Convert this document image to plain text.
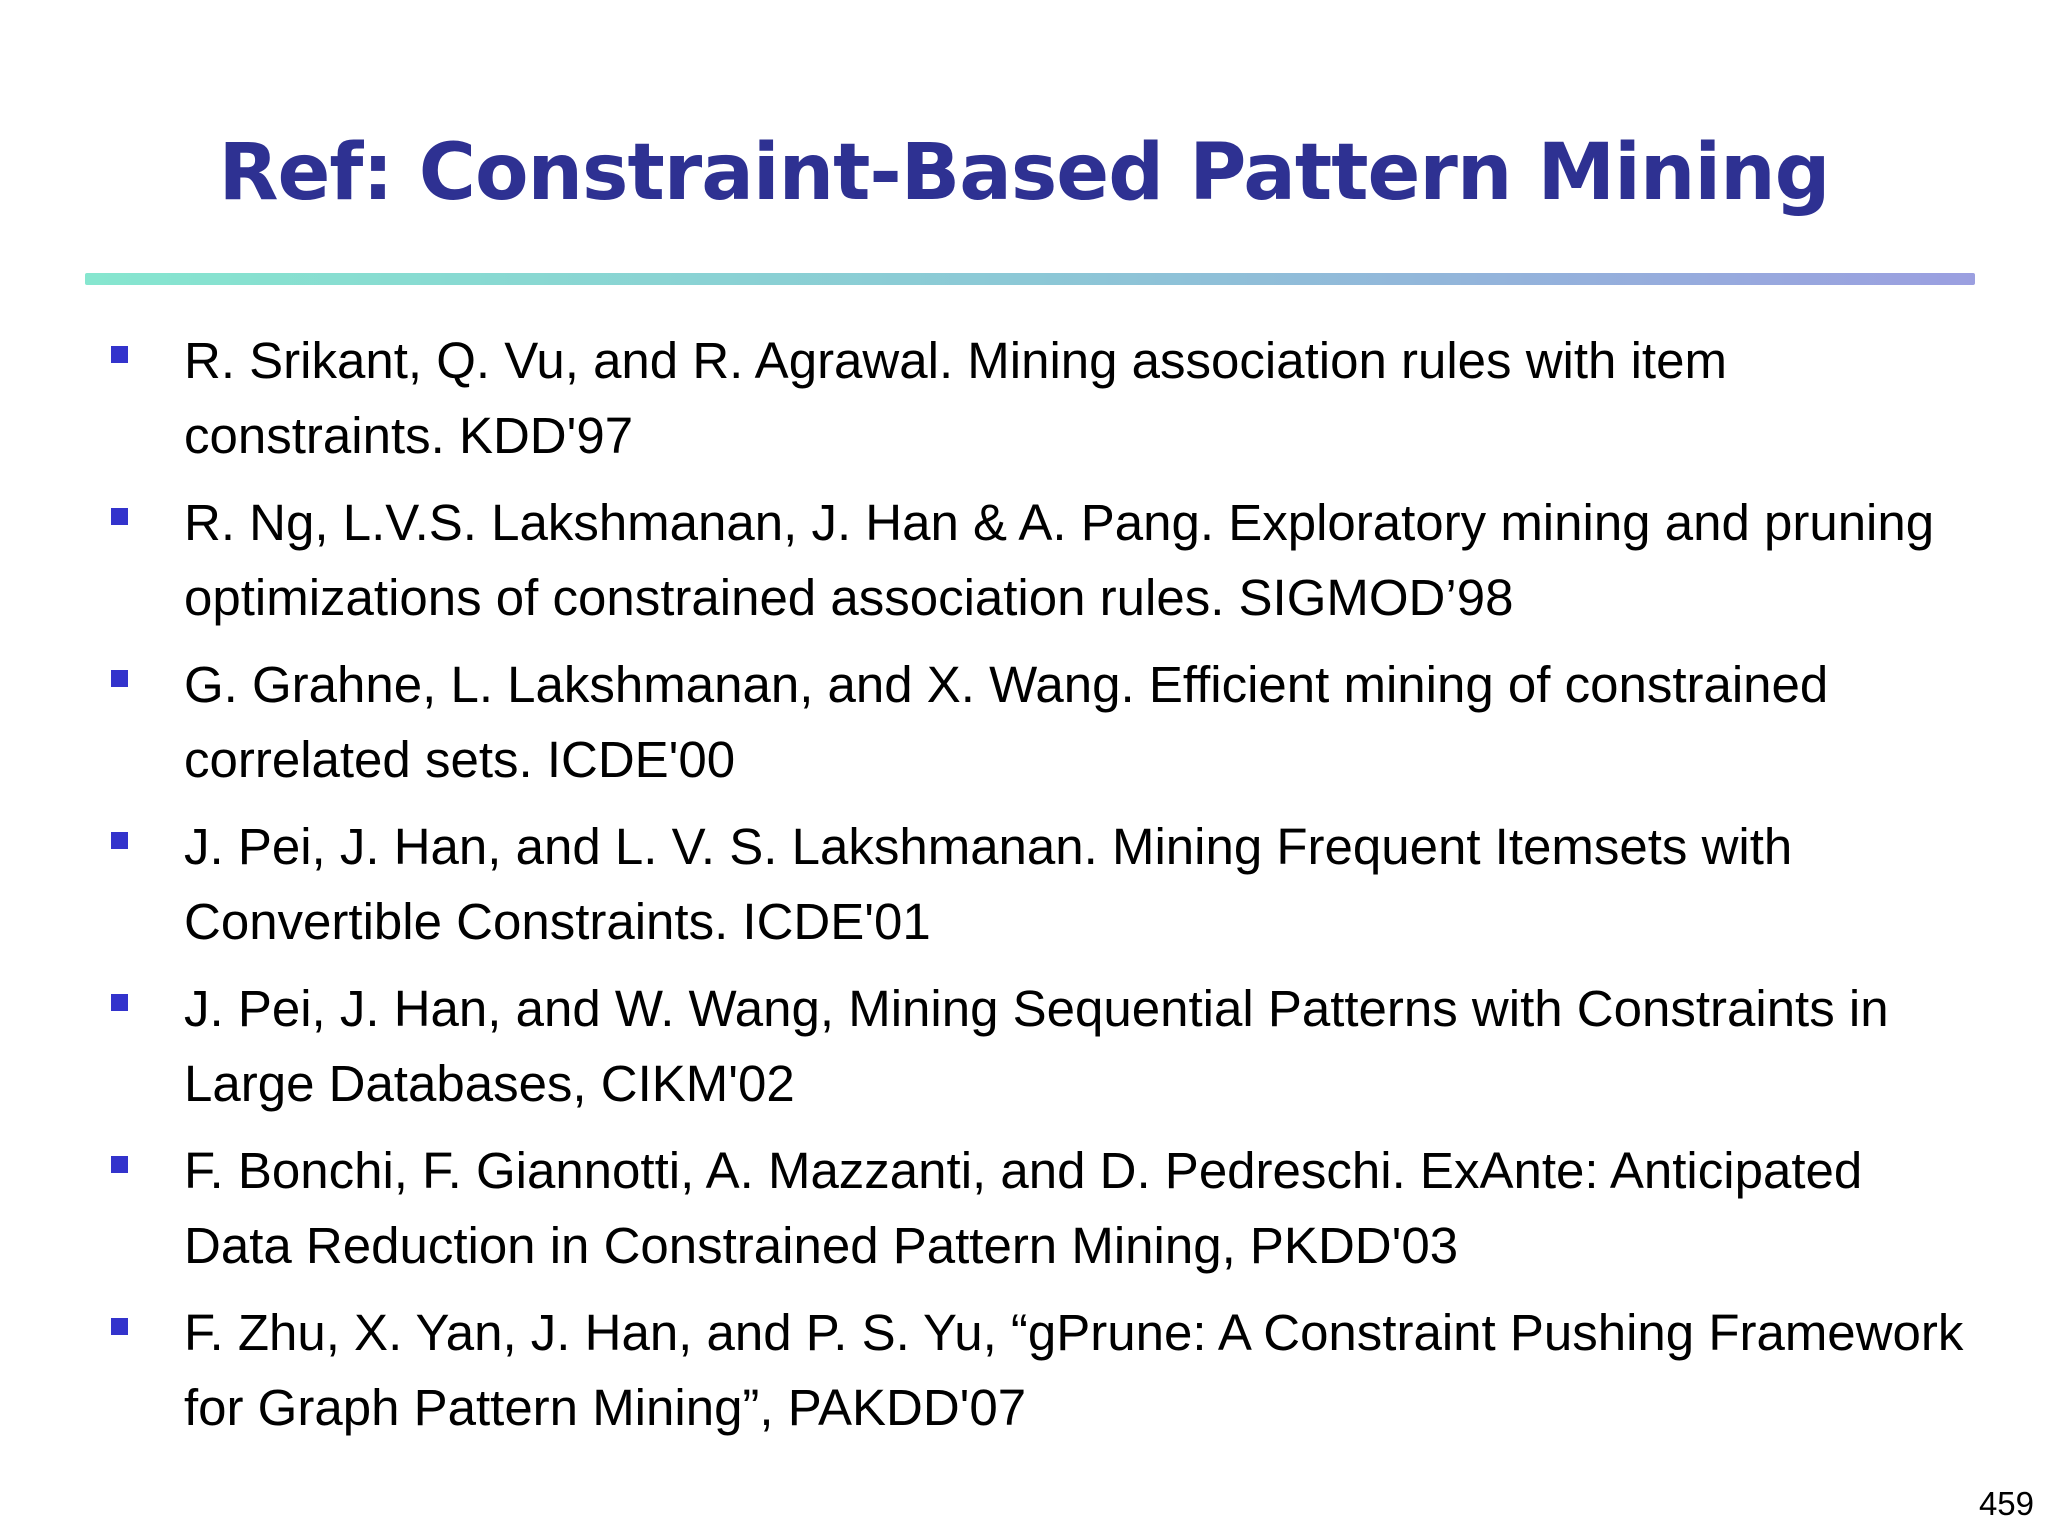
Ref: Constraint-Based Pattern Mining
R. Srikant, Q. Vu, and R. Agrawal. Mining association rules with item
constraints. KDD'97
R. Ng, L.V.S. Lakshmanan, J. Han & A. Pang. Exploratory mining and pruning
optimizations of constrained association rules. SIGMOD’98
G. Grahne, L. Lakshmanan, and X. Wang. Efficient mining of constrained
correlated sets. ICDE'00
J. Pei, J. Han, and L. V. S. Lakshmanan. Mining Frequent Itemsets with
Convertible Constraints. ICDE'01
J. Pei, J. Han, and W. Wang, Mining Sequential Patterns with Constraints in
Large Databases, CIKM'02
F. Bonchi, F. Giannotti, A. Mazzanti, and D. Pedreschi. ExAnte: Anticipated
Data Reduction in Constrained Pattern Mining, PKDD'03
F. Zhu, X. Yan, J. Han, and P. S. Yu, “gPrune: A Constraint Pushing Framework
for Graph Pattern Mining”, PAKDD'07
459
